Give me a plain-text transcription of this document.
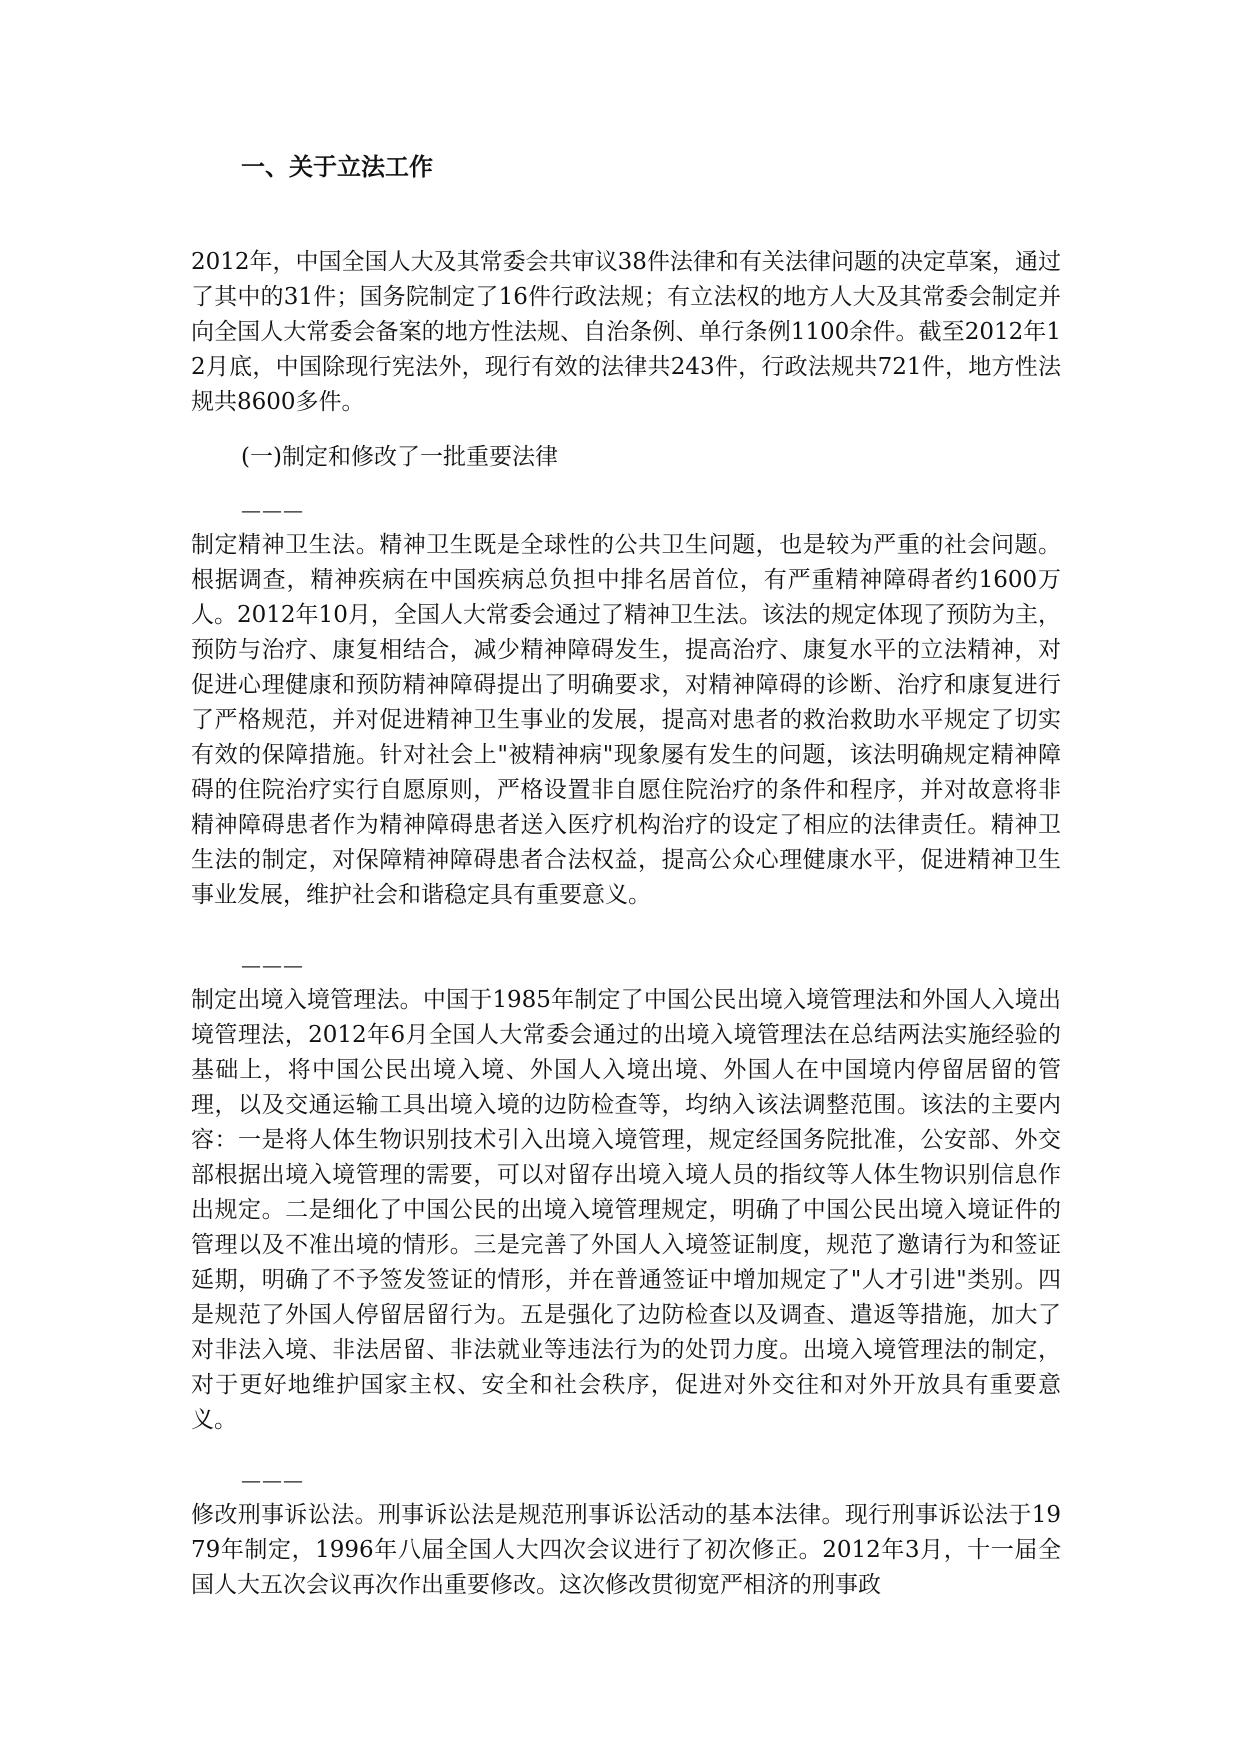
一、关于立法工作

2012年，中国全国人大及其常委会共审议38件法律和有关法律问题的决定草案，通过了其中的31件；国务院制定了16件行政法规；有立法权的地方人大及其常委会制定并向全国人大常委会备案的地方性法规、自治条例、单行条例1100余件。截至2012年12月底，中国除现行宪法外，现行有效的法律共243件，行政法规共721件，地方性法规共8600多件。

(一)制定和修改了一批重要法律

———

制定精神卫生法。精神卫生既是全球性的公共卫生问题，也是较为严重的社会问题。根据调查，精神疾病在中国疾病总负担中排名居首位，有严重精神障碍者约1600万人。2012年10月，全国人大常委会通过了精神卫生法。该法的规定体现了预防为主，预防与治疗、康复相结合，减少精神障碍发生，提高治疗、康复水平的立法精神，对促进心理健康和预防精神障碍提出了明确要求，对精神障碍的诊断、治疗和康复进行了严格规范，并对促进精神卫生事业的发展，提高对患者的救治救助水平规定了切实有效的保障措施。针对社会上"被精神病"现象屡有发生的问题，该法明确规定精神障碍的住院治疗实行自愿原则，严格设置非自愿住院治疗的条件和程序，并对故意将非精神障碍患者作为精神障碍患者送入医疗机构治疗的设定了相应的法律责任。精神卫生法的制定，对保障精神障碍患者合法权益，提高公众心理健康水平，促进精神卫生事业发展，维护社会和谐稳定具有重要意义。

———

制定出境入境管理法。中国于1985年制定了中国公民出境入境管理法和外国人入境出境管理法，2012年6月全国人大常委会通过的出境入境管理法在总结两法实施经验的基础上，将中国公民出境入境、外国人入境出境、外国人在中国境内停留居留的管理，以及交通运输工具出境入境的边防检查等，均纳入该法调整范围。该法的主要内容：一是将人体生物识别技术引入出境入境管理，规定经国务院批准，公安部、外交部根据出境入境管理的需要，可以对留存出境入境人员的指纹等人体生物识别信息作出规定。二是细化了中国公民的出境入境管理规定，明确了中国公民出境入境证件的管理以及不准出境的情形。三是完善了外国人入境签证制度，规范了邀请行为和签证延期，明确了不予签发签证的情形，并在普通签证中增加规定了"人才引进"类别。四是规范了外国人停留居留行为。五是强化了边防检查以及调查、遣返等措施，加大了对非法入境、非法居留、非法就业等违法行为的处罚力度。出境入境管理法的制定，对于更好地维护国家主权、安全和社会秩序，促进对外交往和对外开放具有重要意义。

———

修改刑事诉讼法。刑事诉讼法是规范刑事诉讼活动的基本法律。现行刑事诉讼法于1979年制定，1996年八届全国人大四次会议进行了初次修正。2012年3月，十一届全国人大五次会议再次作出重要修改。这次修改贯彻宽严相济的刑事政
